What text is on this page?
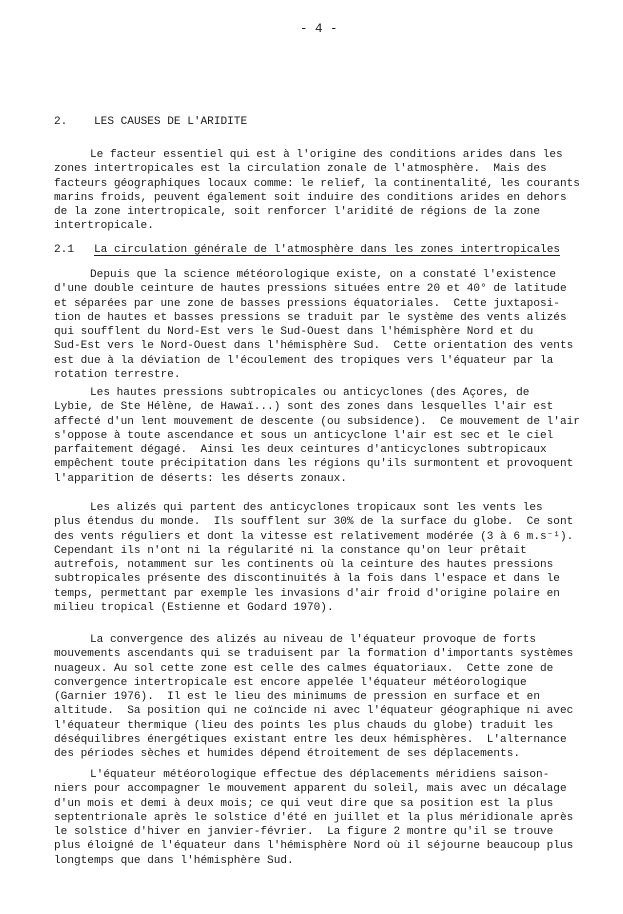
- 4 -
2. LES CAUSES DE L'ARIDITE
Le facteur essentiel qui est à l'origine des conditions arides dans les
zones intertropicales est la circulation zonale de l'atmosphère.  Mais des
facteurs géographiques locaux comme: le relief, la continentalité, les courants
marins froids, peuvent également soit induire des conditions arides en dehors
de la zone intertropicale, soit renforcer l'aridité de régions de la zone
intertropicale.
2.1 La circulation générale de l'atmosphère dans les zones intertropicales
Depuis que la science météorologique existe, on a constaté l'existence
d'une double ceinture de hautes pressions situées entre 20 et 40° de latitude
et séparées par une zone de basses pressions équatoriales.  Cette juxtaposi-
tion de hautes et basses pressions se traduit par le système des vents alizés
qui soufflent du Nord-Est vers le Sud-Ouest dans l'hémisphère Nord et du
Sud-Est vers le Nord-Ouest dans l'hémisphère Sud.  Cette orientation des vents
est due à la déviation de l'écoulement des tropiques vers l'équateur par la
rotation terrestre.
Les hautes pressions subtropicales ou anticyclones (des Açores, de
Lybie, de Ste Hélène, de Hawaï...) sont des zones dans lesquelles l'air est
affecté d'un lent mouvement de descente (ou subsidence).  Ce mouvement de l'air
s'oppose à toute ascendance et sous un anticyclone l'air est sec et le ciel
parfaitement dégagé.  Ainsi les deux ceintures d'anticyclones subtropicaux
empêchent toute précipitation dans les régions qu'ils surmontent et provoquent
l'apparition de déserts: les déserts zonaux.
Les alizés qui partent des anticyclones tropicaux sont les vents les
plus étendus du monde.  Ils soufflent sur 30% de la surface du globe.  Ce sont
des vents réguliers et dont la vitesse est relativement modérée (3 à 6 m.s⁻¹).
Cependant ils n'ont ni la régularité ni la constance qu'on leur prêtait
autrefois, notamment sur les continents où la ceinture des hautes pressions
subtropicales présente des discontinuités à la fois dans l'espace et dans le
temps, permettant par exemple les invasions d'air froid d'origine polaire en
milieu tropical (Estienne et Godard 1970).
La convergence des alizés au niveau de l'équateur provoque de forts
mouvements ascendants qui se traduisent par la formation d'importants systèmes
nuageux. Au sol cette zone est celle des calmes équatoriaux.  Cette zone de
convergence intertropicale est encore appelée l'équateur météorologique
(Garnier 1976).  Il est le lieu des minimums de pression en surface et en
altitude.  Sa position qui ne coïncide ni avec l'équateur géographique ni avec
l'équateur thermique (lieu des points les plus chauds du globe) traduit les
déséquilibres énergétiques existant entre les deux hémisphères.  L'alternance
des périodes sèches et humides dépend étroitement de ses déplacements.
L'équateur météorologique effectue des déplacements méridiens saison-
niers pour accompagner le mouvement apparent du soleil, mais avec un décalage
d'un mois et demi à deux mois; ce qui veut dire que sa position est la plus
septentrionale après le solstice d'été en juillet et la plus méridionale après
le solstice d'hiver en janvier-février.  La figure 2 montre qu'il se trouve
plus éloigné de l'équateur dans l'hémisphère Nord où il séjourne beaucoup plus
longtemps que dans l'hémisphère Sud.
